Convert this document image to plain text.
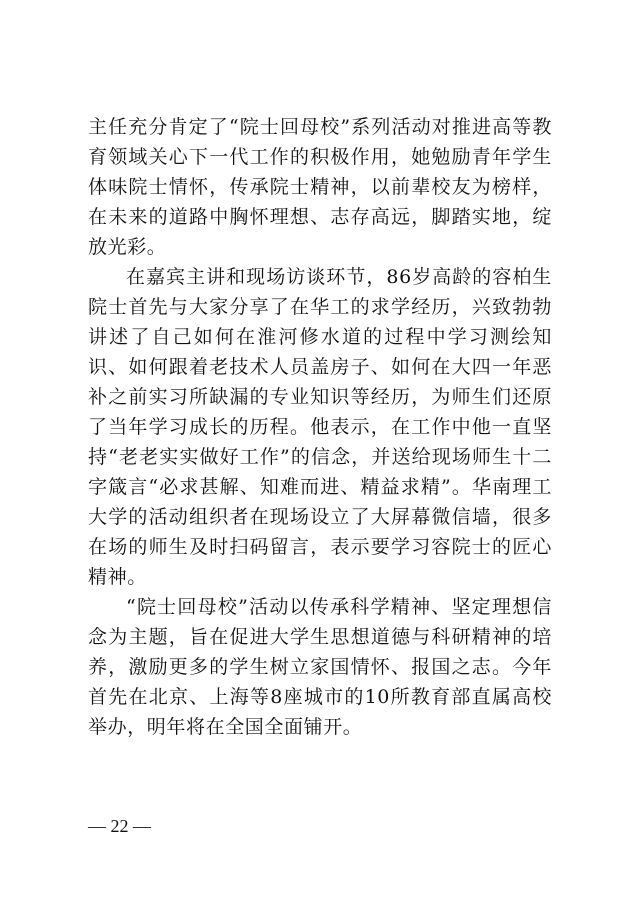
主任充分肯定了“院士回母校”系列活动对推进高等教育领域关心下一代工作的积极作用，她勉励青年学生体味院士情怀，传承院士精神，以前辈校友为榜样，在未来的道路中胸怀理想、志存高远，脚踏实地，绽放光彩。

在嘉宾主讲和现场访谈环节，86岁高龄的容柏生院士首先与大家分享了在华工的求学经历，兴致勃勃讲述了自己如何在淮河修水道的过程中学习测绘知识、如何跟着老技术人员盖房子、如何在大四一年恶补之前实习所缺漏的专业知识等经历，为师生们还原了当年学习成长的历程。他表示，在工作中他一直坚持“老老实实做好工作”的信念，并送给现场师生十二字箴言“必求甚解、知难而进、精益求精”。华南理工大学的活动组织者在现场设立了大屏幕微信墙，很多在场的师生及时扫码留言，表示要学习容院士的匠心精神。

“院士回母校”活动以传承科学精神、坚定理想信念为主题，旨在促进大学生思想道德与科研精神的培养，激励更多的学生树立家国情怀、报国之志。今年首先在北京、上海等8座城市的10所教育部直属高校举办，明年将在全国全面铺开。

— 22 —
